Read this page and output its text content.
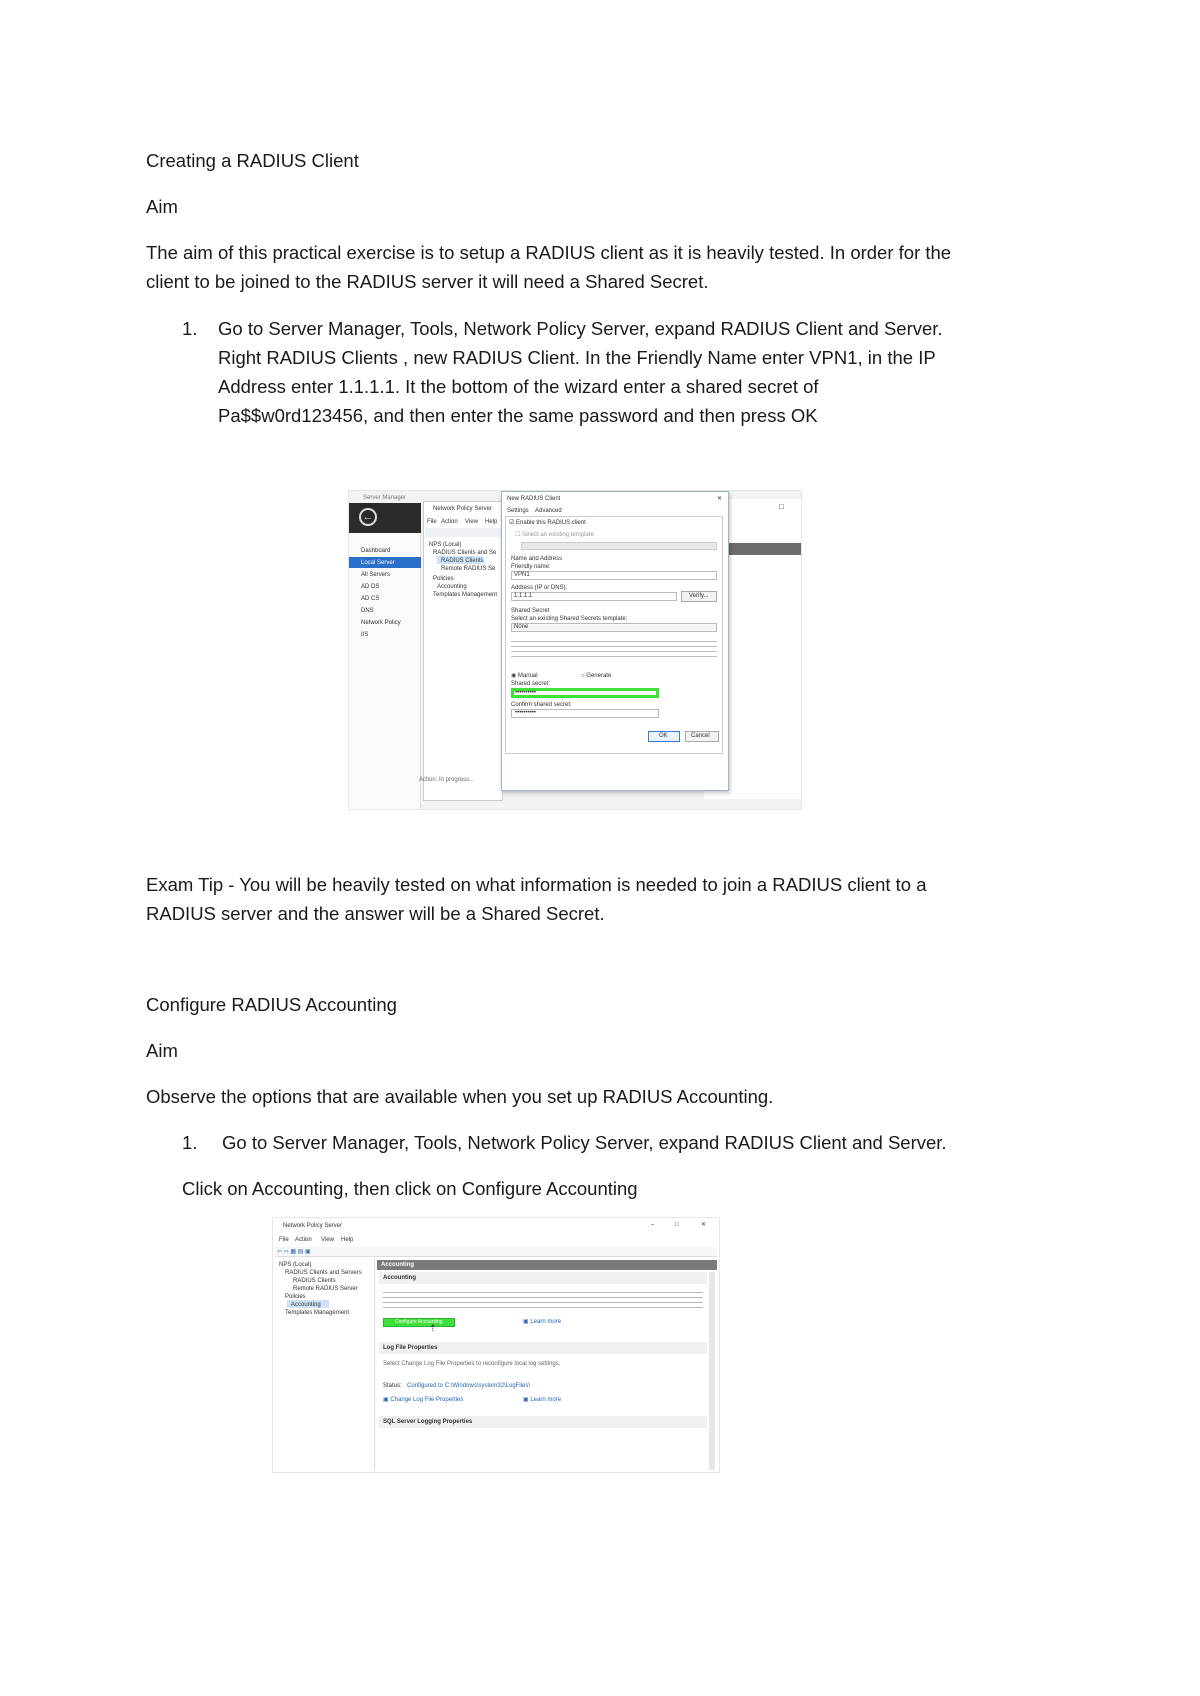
Creating a RADIUS Client
Aim
The aim of this practical exercise is to setup a RADIUS client as it is heavily tested. In order for the
client to be joined to the RADIUS server it will need a Shared Secret.
1. Go to Server Manager, Tools, Network Policy Server, expand RADIUS Client and Server.
Right RADIUS Clients , new RADIUS Client. In the Friendly Name enter VPN1, in the IP
Address enter 1.1.1.1. It the bottom of the wizard enter a shared secret of
Pa$$w0rd123456, and then enter the same password and then press OK
Server Manager
←
Dashboard
Local Server
All Servers
AD DS
AD CS
DNS
Network Policy
IIS
Network Policy Server
File Action View Help
NPS (Local)
RADIUS Clients and Se
RADIUS Clients
Remote RADIUS Se
Policies
Accounting
Templates Management
Action: In progress...
□
New RADIUS Client	✕
Settings Advanced
☑ Enable this RADIUS client
☐ Select an existing template:
Name and Address
Friendly name:
VPN1
Address (IP or DNS):
1.1.1.1	Verify...
Shared Secret
Select an existing Shared Secrets template:
None
◉ Manual	○ Generate
Shared secret:
••••••••••
Confirm shared secret:
••••••••••
OK	Cancel
Exam Tip - You will be heavily tested on what information is needed to join a RADIUS client to a
RADIUS server and the answer will be a Shared Secret.
Configure RADIUS Accounting
Aim
Observe the options that are available when you set up RADIUS Accounting.
1. Go to Server Manager, Tools, Network Policy Server, expand RADIUS Client and Server.
Click on Accounting, then click on Configure Accounting
Network Policy Server	–	□	✕
File Action View Help
⇦ ⇨ ▦ ▤ ▣
NPS (Local)
RADIUS Clients and Servers
RADIUS Clients
Remote RADIUS Server
Policies
Accounting
Templates Management
Accounting
Accounting
Configure Accounting
⇡
▣ Learn more
Log File Properties
Select Change Log File Properties to reconfigure local log settings.
Status: Configured to C:\Windows\system32\LogFiles\
▣ Change Log File Properties	▣ Learn more
SQL Server Logging Properties
